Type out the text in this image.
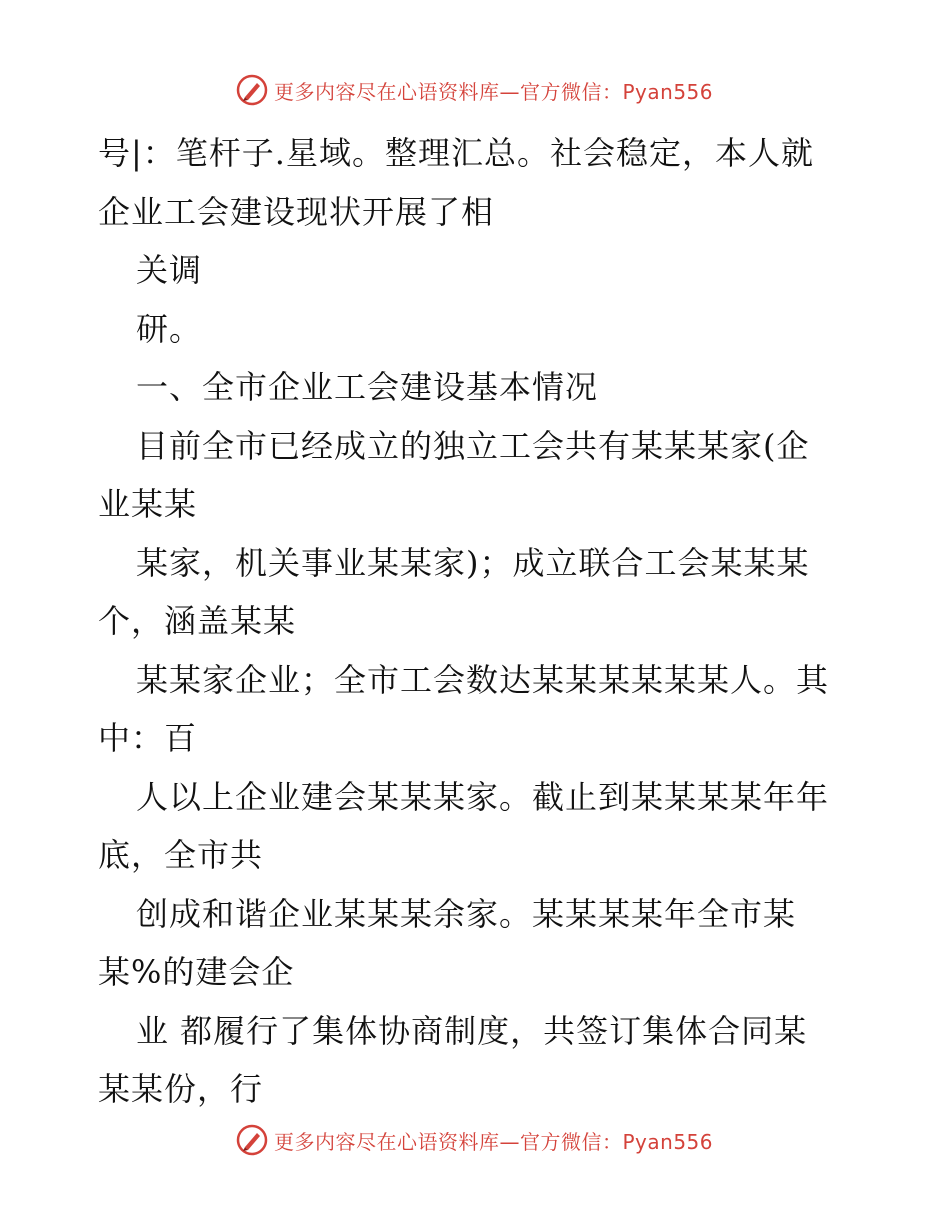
更多内容尽在心语资料库—官方微信：Pyan556
号|：笔杆子.星域。整理汇总。社会稳定，本人就
企业工会建设现状开展了相
关调
研。
一、全市企业工会建设基本情况
目前全市已经成立的独立工会共有某某某家(企
业某某
某家，机关事业某某家)；成立联合工会某某某
个，涵盖某某
某某家企业；全市工会数达某某某某某某人。其
中：百
人以上企业建会某某某家。截止到某某某某年年
底，全市共
创成和谐企业某某某余家。某某某某年全市某
某%的建会企
业 都履行了集体协商制度，共签订集体合同某
某某份，行
更多内容尽在心语资料库—官方微信：Pyan556
